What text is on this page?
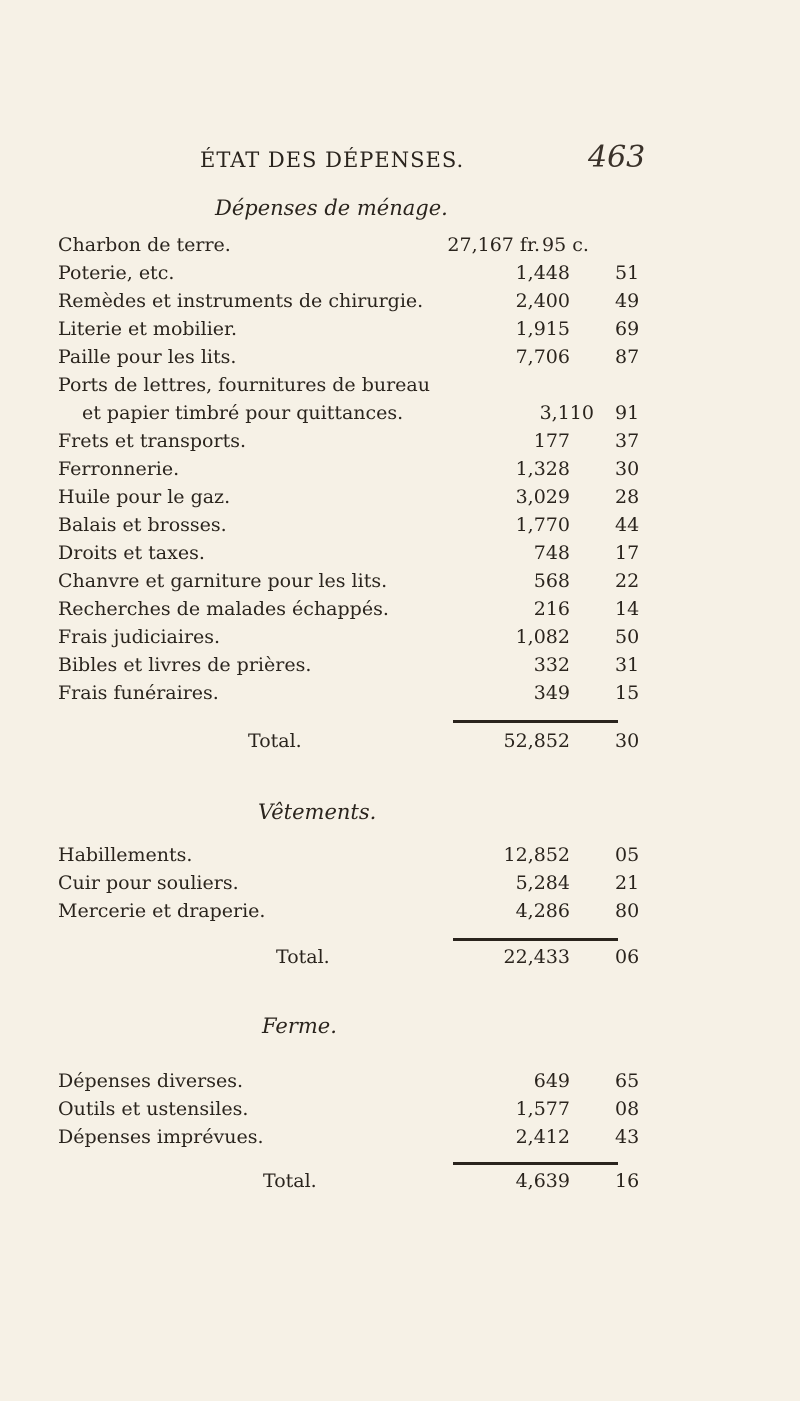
ÉTAT DES DÉPENSES.	463
Dépenses de ménage.
Charbon de terre.	27,167 fr. 95 c.
Poterie, etc.	1,448 51
Remèdes et instruments de chirurgie.	2,400 49
Literie et mobilier.	1,915 69
Paille pour les lits.	7,706 87
Ports de lettres, fournitures de bureau
et papier timbré pour quittances.	3,110 91
Frets et transports.	177 37
Ferronnerie.	1,328 30
Huile pour le gaz.	3,029 28
Balais et brosses.	1,770 44
Droits et taxes.	748 17
Chanvre et garniture pour les lits.	568 22
Recherches de malades échappés.	216 14
Frais judiciaires.	1,082 50
Bibles et livres de prières.	332 31
Frais funéraires.	349 15
Total.	52,852 30
Vêtements.
Habillements.	12,852 05
Cuir pour souliers.	5,284 21
Mercerie et draperie.	4,286 80
Total.	22,433 06
Ferme.
Dépenses diverses.	649 65
Outils et ustensiles.	1,577 08
Dépenses imprévues.	2,412 43
Total.	4,639 16
